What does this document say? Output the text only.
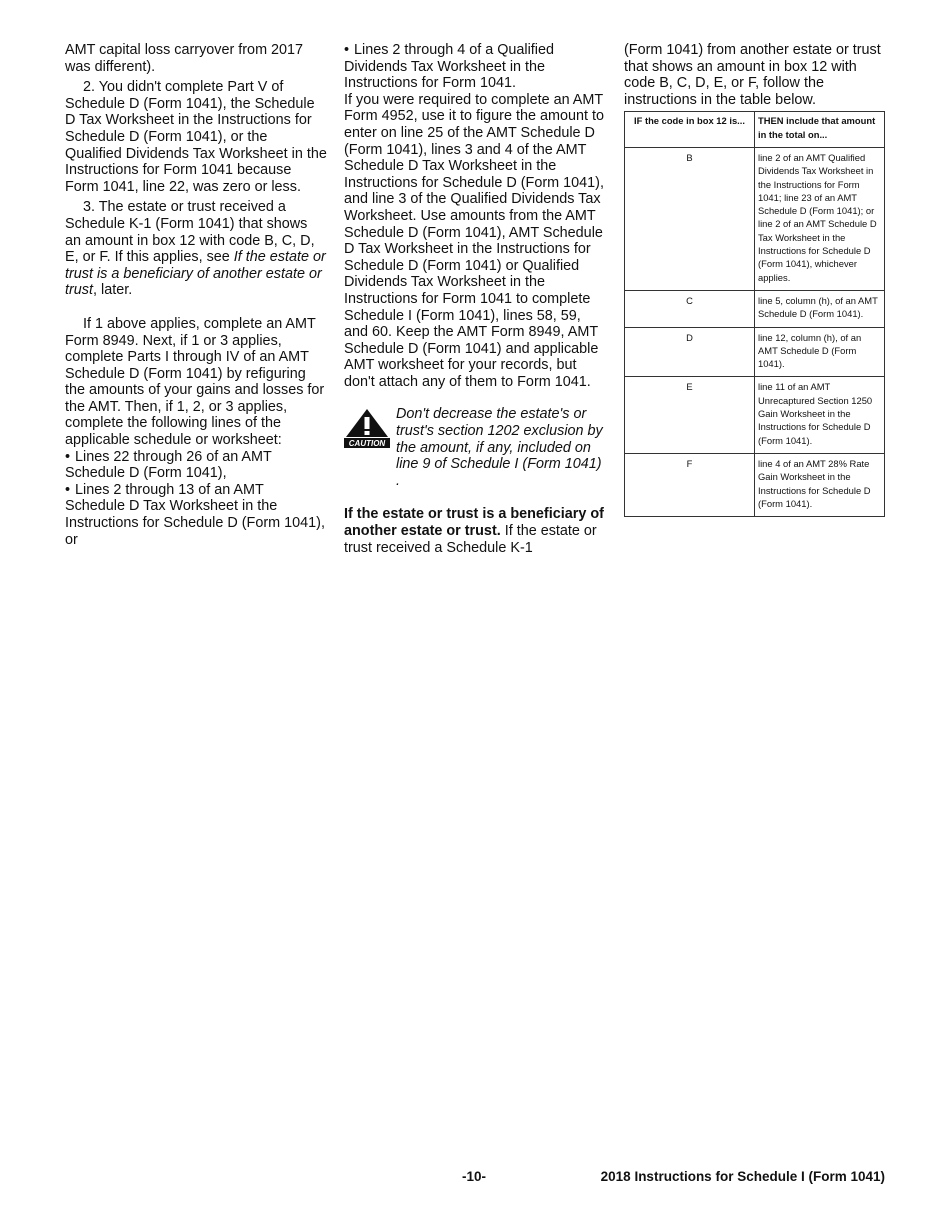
AMT capital loss carryover from 2017 was different).

2. You didn't complete Part V of Schedule D (Form 1041), the Schedule D Tax Worksheet in the Instructions for Schedule D (Form 1041), or the Qualified Dividends Tax Worksheet in the Instructions for Form 1041 because Form 1041, line 22, was zero or less.

3. The estate or trust received a Schedule K-1 (Form 1041) that shows an amount in box 12 with code B, C, D, E, or F. If this applies, see If the estate or trust is a beneficiary of another estate or trust, later.

If 1 above applies, complete an AMT Form 8949. Next, if 1 or 3 applies, complete Parts I through IV of an AMT Schedule D (Form 1041) by refiguring the amounts of your gains and losses for the AMT. Then, if 1, 2, or 3 applies, complete the following lines of the applicable schedule or worksheet:

• Lines 22 through 26 of an AMT Schedule D (Form 1041),

• Lines 2 through 13 of an AMT Schedule D Tax Worksheet in the Instructions for Schedule D (Form 1041), or

• Lines 2 through 4 of a Qualified Dividends Tax Worksheet in the Instructions for Form 1041.

If you were required to complete an AMT Form 4952, use it to figure the amount to enter on line 25 of the AMT Schedule D (Form 1041), lines 3 and 4 of the AMT Schedule D Tax Worksheet in the Instructions for Schedule D (Form 1041), and line 3 of the Qualified Dividends Tax Worksheet. Use amounts from the AMT Schedule D (Form 1041), AMT Schedule D Tax Worksheet in the Instructions for Schedule D (Form 1041) or Qualified Dividends Tax Worksheet in the Instructions for Form 1041 to complete Schedule I (Form 1041), lines 58, 59, and 60. Keep the AMT Form 8949, AMT Schedule D (Form 1041) and applicable AMT worksheet for your records, but don't attach any of them to Form 1041.

CAUTION

Don't decrease the estate's or trust's section 1202 exclusion by the amount, if any, included on line 9 of Schedule I (Form 1041) .

If the estate or trust is a beneficiary of another estate or trust. If the estate or trust received a Schedule K-1

(Form 1041) from another estate or trust that shows an amount in box 12 with code B, C, D, E, or F, follow the instructions in the table below.

IF the code in box 12 is...	THEN include that amount in the total on...
B	line 2 of an AMT Qualified Dividends Tax Worksheet in the Instructions for Form 1041; line 23 of an AMT Schedule D (Form 1041); or line 2 of an AMT Schedule D Tax Worksheet in the Instructions for Schedule D (Form 1041), whichever applies.
C	line 5, column (h), of an AMT Schedule D (Form 1041).
D	line 12, column (h), of an AMT Schedule D (Form 1041).
E	line 11 of an AMT Unrecaptured Section 1250 Gain Worksheet in the Instructions for Schedule D (Form 1041).
F	line 4 of an AMT 28% Rate Gain Worksheet in the Instructions for Schedule D (Form 1041).
-10-	2018 Instructions for Schedule I (Form 1041)
